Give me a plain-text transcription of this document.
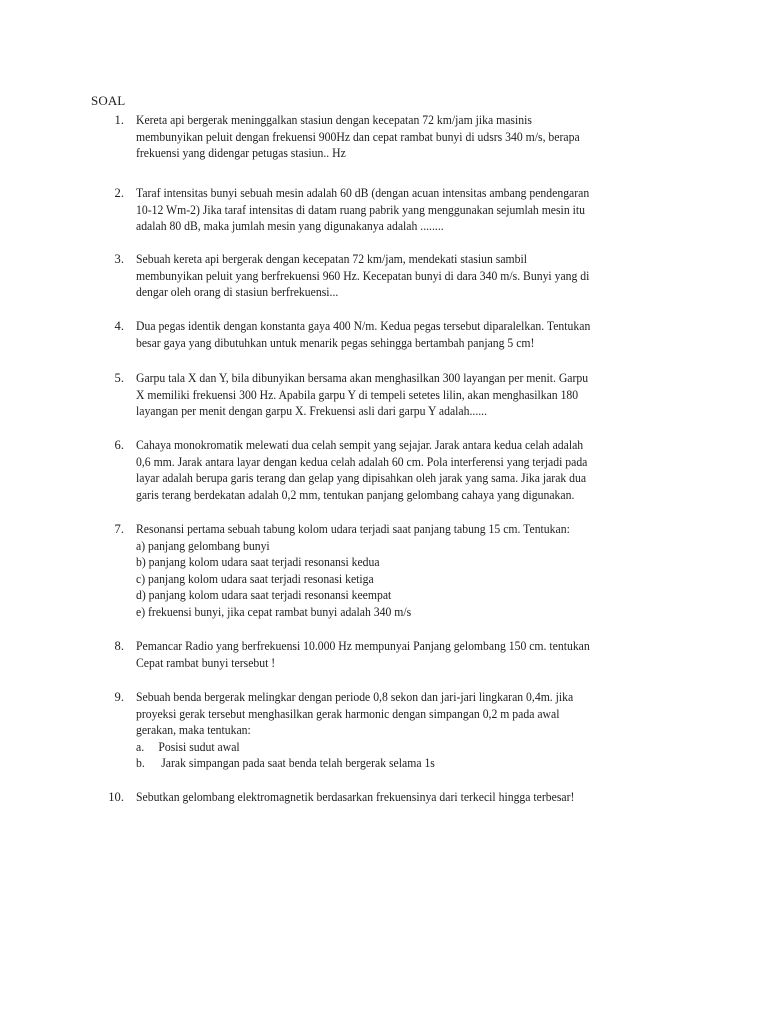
SOAL
1. Kereta api bergerak meninggalkan stasiun dengan kecepatan 72 km/jam jika masinis
membunyikan peluit dengan frekuensi 900Hz dan cepat rambat bunyi di udsrs 340 m/s, berapa
frekuensi yang didengar petugas stasiun.. Hz
2. Taraf intensitas bunyi sebuah mesin adalah 60 dB (dengan acuan intensitas ambang pendengaran
10-12 Wm-2) Jika taraf intensitas di datam ruang pabrik yang menggunakan sejumlah mesin itu
adalah 80 dB, maka jumlah mesin yang digunakanya adalah ........
3. Sebuah kereta api bergerak dengan kecepatan 72 km/jam, mendekati stasiun sambil
membunyikan peluit yang berfrekuensi 960 Hz. Kecepatan bunyi di dara 340 m/s. Bunyi yang di
dengar oleh orang di stasiun berfrekuensi...
4. Dua pegas identik dengan konstanta gaya 400 N/m. Kedua pegas tersebut diparalelkan. Tentukan
besar gaya yang dibutuhkan untuk menarik pegas sehingga bertambah panjang 5 cm!
5. Garpu tala X dan Y, bila dibunyikan bersama akan menghasilkan 300 layangan per menit. Garpu
X memiliki frekuensi 300 Hz. Apabila garpu Y di tempeli setetes lilin, akan menghasilkan 180
layangan per menit dengan garpu X. Frekuensi asli dari garpu Y adalah......
6. Cahaya monokromatik melewati dua celah sempit yang sejajar. Jarak antara kedua celah adalah
0,6 mm. Jarak antara layar dengan kedua celah adalah 60 cm. Pola interferensi yang terjadi pada
layar adalah berupa garis terang dan gelap yang dipisahkan oleh jarak yang sama. Jika jarak dua
garis terang berdekatan adalah 0,2 mm, tentukan panjang gelombang cahaya yang digunakan.
7. Resonansi pertama sebuah tabung kolom udara terjadi saat panjang tabung 15 cm. Tentukan:
a) panjang gelombang bunyi
b) panjang kolom udara saat terjadi resonansi kedua
c) panjang kolom udara saat terjadi resonasi ketiga
d) panjang kolom udara saat terjadi resonansi keempat
e) frekuensi bunyi, jika cepat rambat bunyi adalah 340 m/s
8. Pemancar Radio yang berfrekuensi 10.000 Hz mempunyai Panjang gelombang 150 cm. tentukan
Cepat rambat bunyi tersebut !
9. Sebuah benda bergerak melingkar dengan periode 0,8 sekon dan jari-jari lingkaran 0,4m. jika
proyeksi gerak tersebut menghasilkan gerak harmonic dengan simpangan 0,2 m pada awal
gerakan, maka tentukan:
a. Posisi sudut awal
b. Jarak simpangan pada saat benda telah bergerak selama 1s
10. Sebutkan gelombang elektromagnetik berdasarkan frekuensinya dari terkecil hingga terbesar!
